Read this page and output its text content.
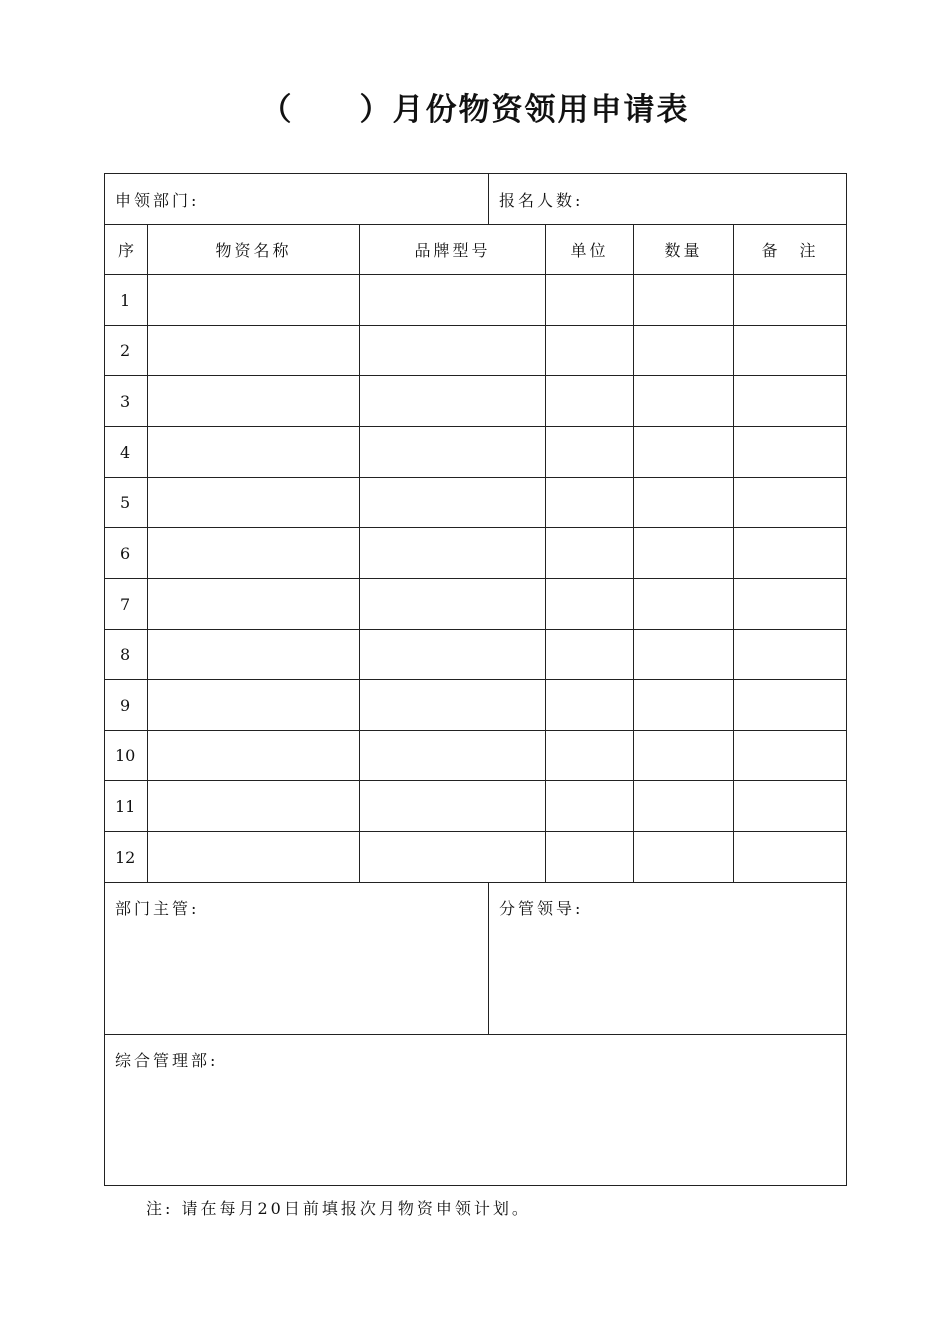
（　　）月份物资领用申请表
申领部门:			报名人数:			
序	物资名称	品牌型号		单位	数量	备　注
1						
2						
3						
4						
5						
6						
7						
8						
9						
10						
11						
12						
部门主管:			分管领导:			
综合管理部:						
注: 请在每月20日前填报次月物资申领计划。
